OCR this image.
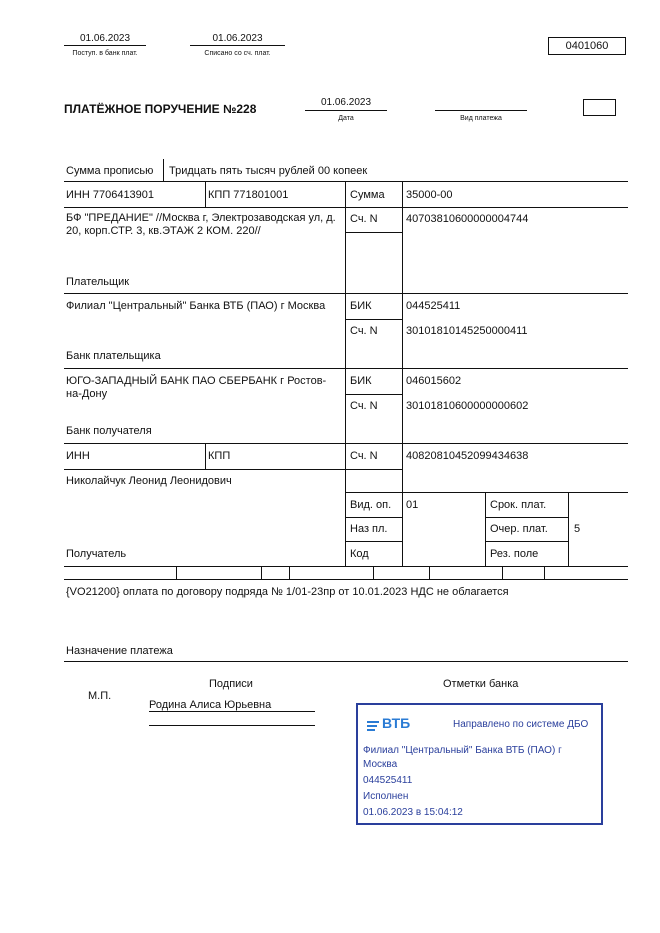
01.06.2023
Поступ. в банк плат.
01.06.2023
Списано со сч. плат.
0401060
ПЛАТЁЖНОЕ ПОРУЧЕНИЕ №228	01.06.2023
Дата	Вид платежа
Сумма прописью Тридцать пять тысяч рублей 00 копеек
ИНН 7706413901	КПП 771801001	Сумма 35000-00
БФ "ПРЕДАНИЕ" //Москва г, Электрозаводская ул, д. 20, корп.СТР. 3, кв.ЭТАЖ 2 КОМ. 220//
Сч. N	40703810600000004744
Плательщик
Филиал "Центральный" Банка ВТБ (ПАО) г Москва БИК	044525411
Сч. N	30101810145250000411
Банк плательщика
ЮГО-ЗАПАДНЫЙ БАНК ПАО СБЕРБАНК г Ростов-на-Дону
БИК	046015602
Сч. N	30101810600000000602
Банк получателя
ИНН	КПП	Сч. N	40820810452099434638
Николайчук Леонид Леонидович
Получатель
Вид. оп. 01	Срок. плат.
Наз пл.	Очер. плат. 5
Код	Рез. поле
{VO21200} оплата по договору подряда № 1/01-23пр от 10.01.2023 НДС не облагается
Назначение платежа
Подписи	Отметки банка
М.П.
Родина Алиса Юрьевна
ВТБ	Направлено по системе ДБО
Филиал "Центральный" Банка ВТБ (ПАО) г
Москва
044525411
Исполнен
01.06.2023 в 15:04:12
